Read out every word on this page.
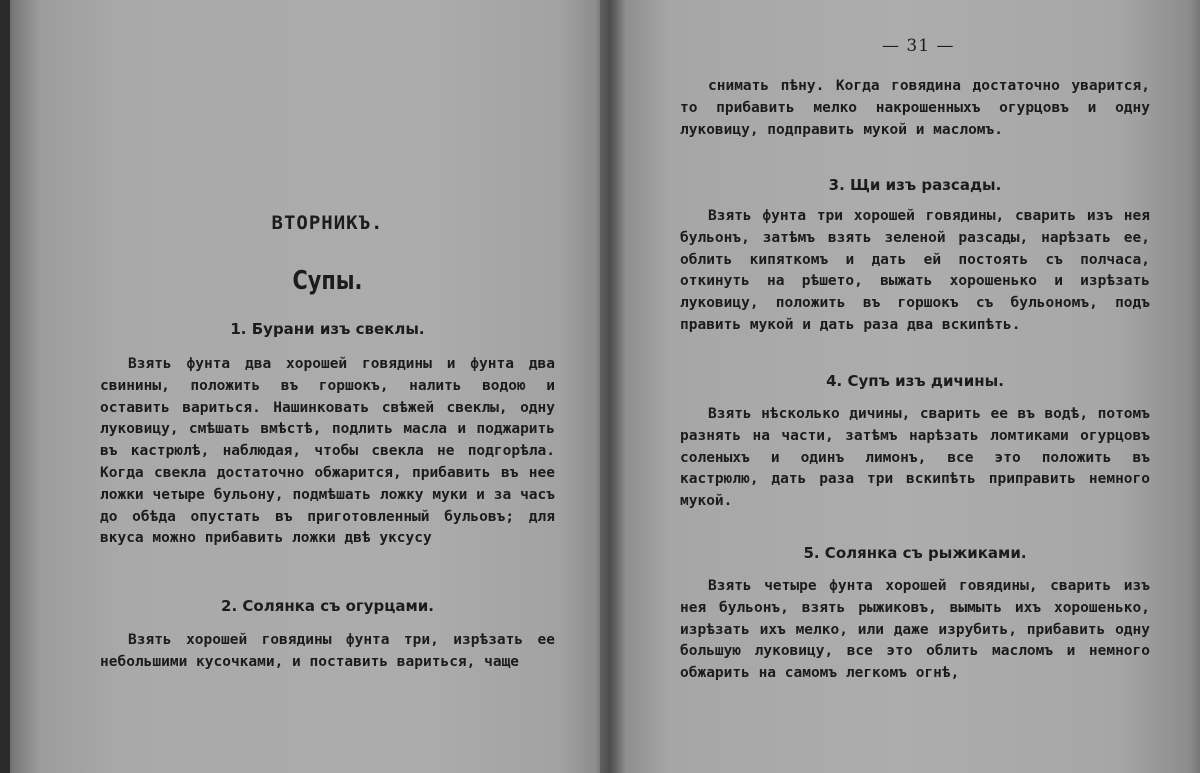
ВТОРНИКЪ.
Супы.
1. Бурани изъ свеклы.

Взять фунта два хорошей говядины и фунта два свинины, положить въ горшокъ, налить водою и оставить вариться. Нашинковать свѣжей свеклы, одну луковицу, смѣшать вмѣстѣ, подлить масла и поджарить въ кастрюлѣ, наблюдая, чтобы свекла не подгорѣла. Когда свекла достаточно обжарится, прибавить въ нее ложки четыре бульону, подмѣшать ложку муки и за часъ до обѣда опустать въ приготовленный бульовъ; для вкуса можно прибавить ложки двѣ уксусу

2. Солянка съ огурцами.

Взять хорошей говядины фунта три, изрѣзать ее небольшими кусочками, и поставить вариться, чаще

— 31 —

снимать пѣну. Когда говядина достаточно уварится, то прибавить мелко накрошенныхъ огурцовъ и одну луковицу, подправить мукой и масломъ.

3. Щи изъ разсады.

Взять фунта три хорошей говядины, сварить изъ нея бульонъ, затѣмъ взять зеленой разсады, нарѣзать ее, облить кипяткомъ и дать ей постоять съ полчаса, откинуть на рѣшето, выжать хорошенько и изрѣзать луковицу, положить въ горшокъ съ бульономъ, подъ править мукой и дать раза два вскипѣть.

4. Супъ изъ дичины.

Взять нѣсколько дичины, сварить ее въ водѣ, потомъ разнять на части, затѣмъ нарѣзать ломтиками огурцовъ соленыхъ и одинъ лимонъ, все это положить въ кастрюлю, дать раза три вскипѣть приправить немного мукой.

5. Солянка съ рыжиками.

Взять четыре фунта хорошей говядины, сварить изъ нея бульонъ, взять рыжиковъ, вымыть ихъ хорошенько, изрѣзать ихъ мелко, или даже изрубить, прибавить одну большую луковицу, все это облить масломъ и немного обжарить на самомъ легкомъ огнѣ,
